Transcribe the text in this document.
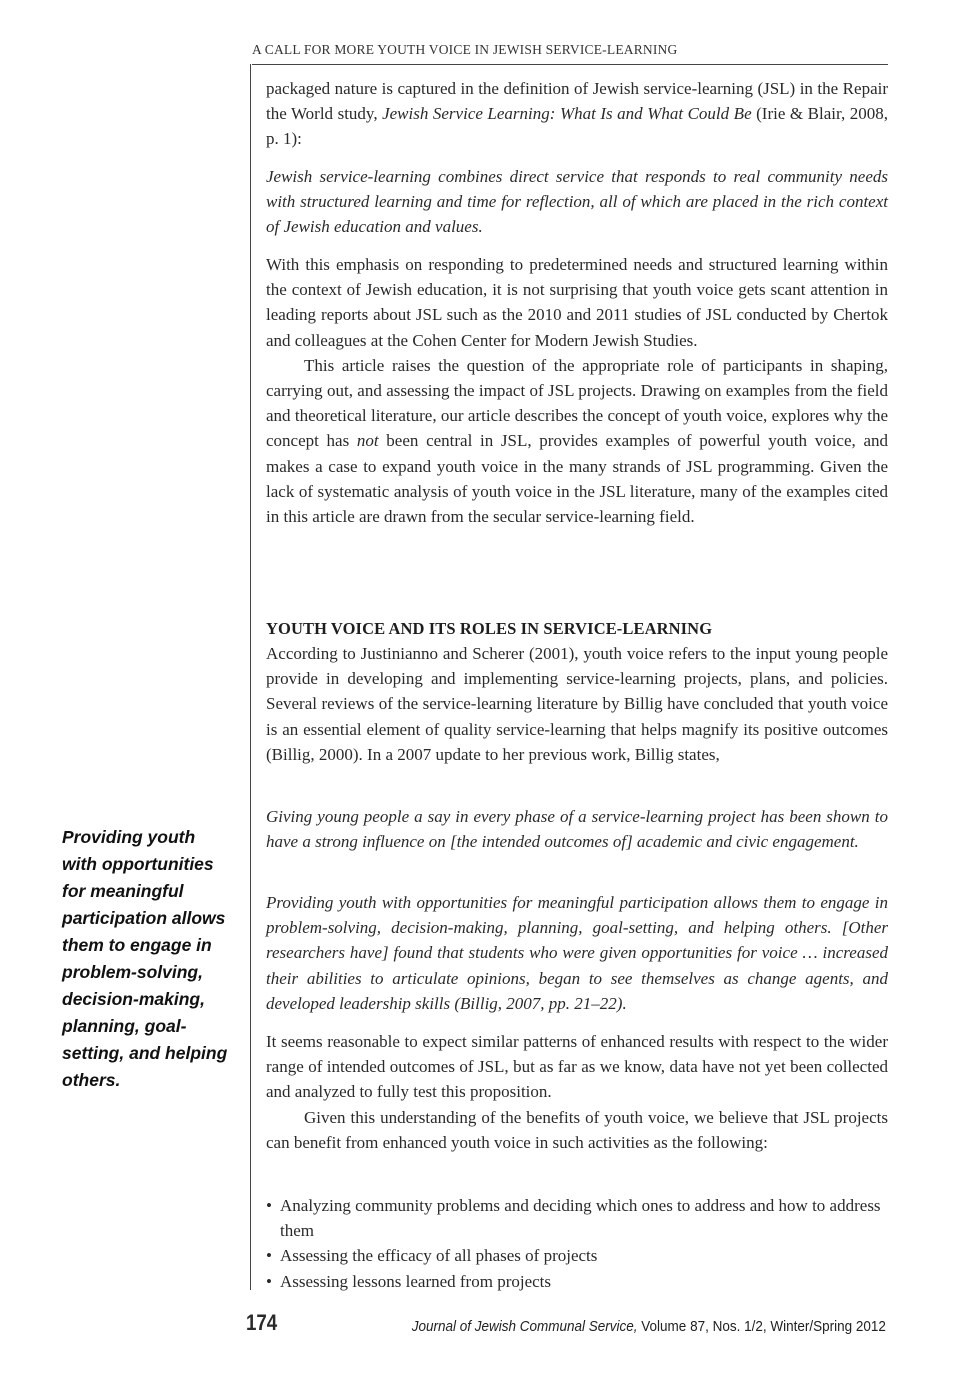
A CALL FOR MORE YOUTH VOICE IN JEWISH SERVICE-LEARNING

packaged nature is captured in the definition of Jewish service-learning (JSL) in the Repair the World study, Jewish Service Learning: What Is and What Could Be (Irie & Blair, 2008, p. 1):

Jewish service-learning combines direct service that responds to real community needs with structured learning and time for reflection, all of which are placed in the rich context of Jewish education and values.

With this emphasis on responding to predetermined needs and structured learning within the context of Jewish education, it is not surprising that youth voice gets scant attention in leading reports about JSL such as the 2010 and 2011 studies of JSL conducted by Chertok and colleagues at the Cohen Center for Modern Jewish Studies.

This article raises the question of the appropriate role of participants in shaping, carrying out, and assessing the impact of JSL projects. Drawing on examples from the field and theoretical literature, our article describes the concept of youth voice, explores why the concept has not been central in JSL, provides examples of powerful youth voice, and makes a case to expand youth voice in the many strands of JSL programming. Given the lack of systematic analysis of youth voice in the JSL literature, many of the examples cited in this article are drawn from the secular service-learning field.

YOUTH VOICE AND ITS ROLES IN SERVICE-LEARNING

According to Justinianno and Scherer (2001), youth voice refers to the input young people provide in developing and implementing service-learning projects, plans, and policies. Several reviews of the service-learning literature by Billig have concluded that youth voice is an essential element of quality service-learning that helps magnify its positive outcomes (Billig, 2000). In a 2007 update to her previous work, Billig states,

Giving young people a say in every phase of a service-learning project has been shown to have a strong influence on [the intended outcomes of] academic and civic engagement.

Providing youth with opportunities for meaningful participation allows them to engage in problem-solving, decision-making, planning, goal-setting, and helping others. [Other researchers have] found that students who were given opportunities for voice … increased their abilities to articulate opinions, began to see themselves as change agents, and developed leadership skills (Billig, 2007, pp. 21–22).

It seems reasonable to expect similar patterns of enhanced results with respect to the wider range of intended outcomes of JSL, but as far as we know, data have not yet been collected and analyzed to fully test this proposition.

Given this understanding of the benefits of youth voice, we believe that JSL projects can benefit from enhanced youth voice in such activities as the following:

• Analyzing community problems and deciding which ones to address and how to address them
• Assessing the efficacy of all phases of projects
• Assessing lessons learned from projects
Providing youth with opportunities for meaningful participation allows them to engage in problem-solving, decision-making, planning, goal-setting, and helping others.
174	Journal of Jewish Communal Service, Volume 87, Nos. 1/2, Winter/Spring 2012
